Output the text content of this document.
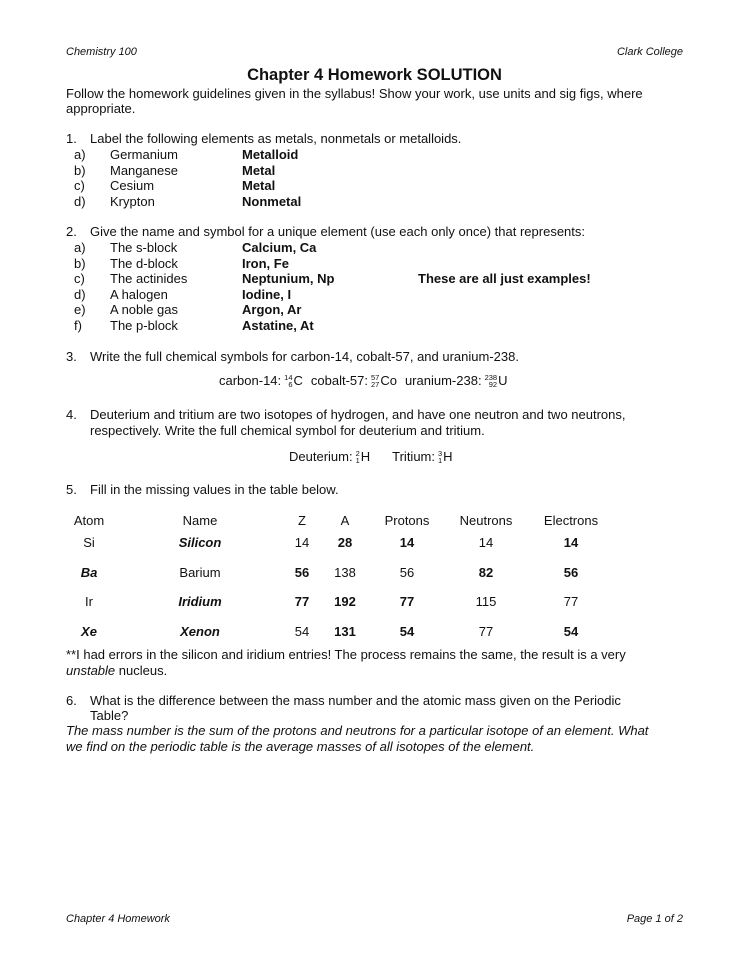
Chemistry 100	Clark College
Chapter 4 Homework SOLUTION
Follow the homework guidelines given in the syllabus! Show your work, use units and sig figs, where
appropriate.
1. Label the following elements as metals, nonmetals or metalloids.
a) Germanium	Metalloid
b) Manganese	Metal
c) Cesium	Metal
d) Krypton	Nonmetal
2. Give the name and symbol for a unique element (use each only once) that represents:
a) The s-block	Calcium, Ca
b) The d-block	Iron, Fe
c) The actinides	Neptunium, Np
d) A halogen	Iodine, I
e) A noble gas	Argon, Ar
f) The p-block	Astatine, At
These are all just examples!
3. Write the full chemical symbols for carbon-14, cobalt-57, and uranium-238.
carbon-14: 14
6 C cobalt-57: 57
27 Co uranium-238: 238
92 U
4. Deuterium and tritium are two isotopes of hydrogen, and have one neutron and two neutrons,
respectively. Write the full chemical symbol for deuterium and tritium.
Deuterium: 2
1 H Tritium: 3
1 H
5. Fill in the missing values in the table below.
Atom	Name	Z	A	Protons Neutrons Electrons
Si	Silicon	14 28	14	14	14
Ba	Barium	56 138	56	82	56
Ir	Iridium	77 192	77	115	77
Xe	Xenon	54 131	54	77	54
**I had errors in the silicon and iridium entries! The process remains the same, the result is a very
unstable nucleus.
6. What is the difference between the mass number and the atomic mass given on the Periodic
Table?
The mass number is the sum of the protons and neutrons for a particular isotope of an element. What
we find on the periodic table is the average masses of all isotopes of the element.
Chapter 4 Homework	Page 1 of 2
